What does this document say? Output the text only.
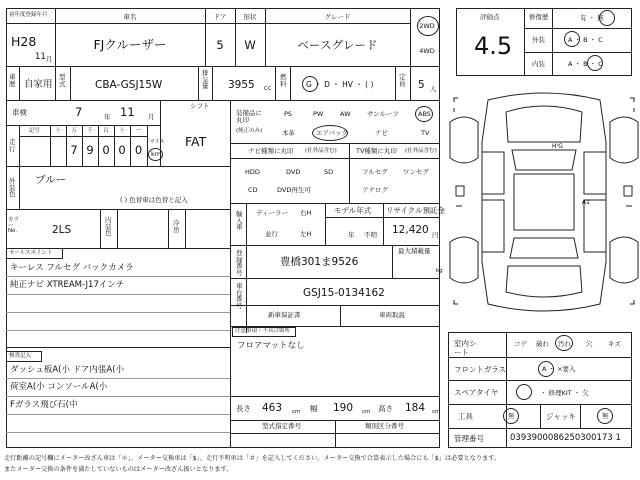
初年度登録年月
H28
11 月
車名
FJクルーザー
ドア
5
形状
W
グレード
ベースグレード
2WD
4WD
車歴 自家用
型式	CBA-GSJ15W
排気量 3955 CC
燃料	G ・ D ・ HV ・ ( )
定員 5 人
車検	7	年 11 月
シフト
FAT
走行
記号	十	万	千	百	十	一
7 9 0 0 0
マイル
km
外装色
ブルー
( ) 色替車は色替と記入
カラーNo.	2LS
内装色
冷房
セールスポイント
キーレス フルセグ バックカメラ
純正ナビ XTREAM-J17インチ
検査記入
ダッシュ板A(小 ドア内張A(小
荷室A(小 コンソールA(小
Fガラス飛び石(中
装備品に丸印
(純正のみ)
PS	PW	AW	サンルーフ	ABS
本革	エアバック	ナビ	TV
ナビ種類に丸印 (社外品含む)
HDD	DVD	SD
CD	DVD再生可
TV種類に丸印 (社外品含む)
フルセグ ワンセグ
アナログ
輸入車
ディーラー
並行
右H
左H
モデル年式
年 不明
リサイクル預託金
12,420 円
登録番号
豊橋301ま9526
最大積載量
kg
車台番号
GSJ15-0134162
新車保証書	車両取説
注意事項・不具合箇所
フロアマットなし
長さ 463 cm 幅 190 cm 高さ 184 cm
型式指定番号	類別区分番号
評価点
4.5
修復歴	有 ・ 無
外装	A ・ B ・ C
内装	A ・ B ・ C
H'G
A1
室内シート
コゲ 破れ 汚れ 穴 キズ
フロントガラス	A ・ ×要入
スペアタイヤ	・ 修理KIT ・ 欠
工具	無	ジャッキ	無
管理番号	0393900086250300173 1
走行距離の記号欄にメーター改ざん車は「＊」、メーター交換車は「$」、走行不明車は「＃」を記入してください。メーター交換で合算表示した場合にも「$」は必要となります。
またメーター交換の条件を満たしていないものはメーター改ざん扱いとなります。
